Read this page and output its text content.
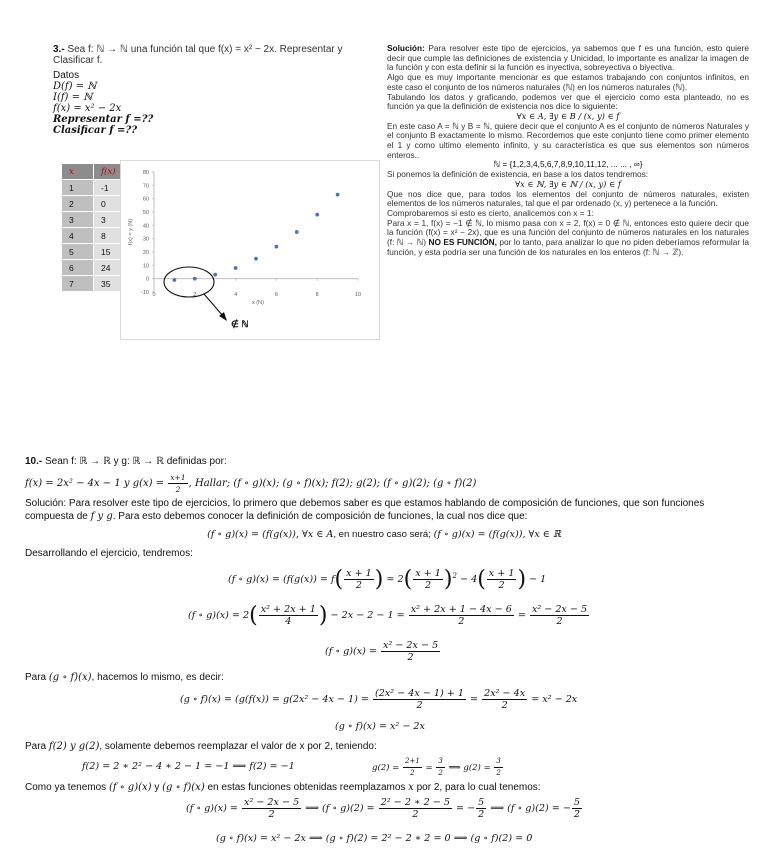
3.- Sea f: ℕ → ℕ una función tal que f(x) = x² − 2x. Representar y Clasificar f.
Datos
D(f) = ℕ
I(f) = ℕ
f(x) = x² − 2x
Representar f =??
Clasificar f =??
x	f(x)
1	-1
2	0
3	3
4	8
5	15
6	24
7	35
-10
0
10
20
30
40
50
60
70
80
0	2	4	6	8	10
f(x) = y (N)
x (N)
∉ ℕ
Solución: Para resolver este tipo de ejercicios, ya sabemos que f es una función, esto quiere decir que cumple las definiciones de existencia y Unicidad, lo importante es analizar la imagen de la función y con esta definir si la función es inyectiva, sobreyectiva o biyectiva.
Algo que es muy importante mencionar es que estamos trabajando con conjuntos infinitos, en este caso el conjunto de los números naturales (ℕ) en los números naturales (ℕ).
Tabulando los datos y graficando, podemos ver que el ejercicio como esta planteado, no es función ya que la definición de existencia nos dice lo siguiente:
∀x ∈ A, ∃y ∈ B / (x, y) ∈ f
En este caso A = ℕ y B = ℕ, quiere decir que el conjunto A es el conjunto de números Naturales y el conjunto B exactamente lo mismo. Recordemos que este conjunto tiene como primer elemento el 1 y como ultimo elemento infinito, y su característica es que sus elementos son números enteros..
ℕ = {1,2,3,4,5,6,7,8,9,10,11,12, ... ... , ∞}
Si ponemos la definición de existencia, en base a los datos tendremos:
∀x ∈ ℕ, ∃y ∈ ℕ / (x, y) ∈ f
Que nos dice que, para todos los elementos del conjunto de números naturales, existen elementos de los números naturales, tal que el par ordenado (x, y) pertenece a la función.
Comprobaremos si esto es cierto, analicemos con x = 1:
Para x = 1, f(x) = −1 ∉ ℕ, lo mismo pasa con x = 2, f(x) = 0 ∉ ℕ, entonces esto quiere decir que la función (f(x) = x² − 2x), que es una función del conjunto de números naturales en los naturales (f: ℕ → ℕ) NO ES FUNCIÓN, por lo tanto, para analizar lo que no piden deberíamos reformular la función, y esta podría ser una función de los naturales en los enteros (f: ℕ → ℤ).
10.- Sean f: ℝ → ℝ y g: ℝ → ℝ definidas por:
f(x) = 2x² − 4x − 1 y $g(x) = \frac{x+1}{2}$ , Hallar; (f ∘ g)(x); (g ∘ f)(x); f(2); g(2); (f ∘ g)(2); (g ∘ f)(2)
Solución: Para resolver este tipo de ejercicios, lo primero que debemos saber es que estamos hablando de composición de funciones, que son funciones compuesta de f y g. Para esto debemos conocer la definición de composición de funciones, la cual nos dice que:
(f ∘ g)(x) = (f(g(x)), ∀x ∈ A, en nuestro caso será; (f ∘ g)(x) = (f(g(x)), ∀x ∈ ℝ
Desarrollando el ejercicio, tendremos:
(f ∘ $g)(x) = (f(g(x)) = f( \frac{x + 1}{2}$ ) = $2( \frac{x + 1}{2} )^2 - 4( \frac{x + 1}{2}$ ) − 1
(f ∘ $g)(x) = 2( \frac{\text{x² + 2x + 1}}{4}$ ) − $2x - 2 - 1 = \frac{\text{x² + 2x + 1 − 4x − 6}}{2} = \frac{\text{x² − 2x − 5}}{2}$
(f ∘ $g)(x) = \frac{\text{x² − 2x − 5}}{2}$
Para (g ∘ f)(x), hacemos lo mismo, es decir:
(g ∘ $f)(x) = (g(f(x)) = g(2x^2 - 4x - 1) = \frac{\text{(2x² − 4x − 1) + 1}}{2} = \frac{\text{2x² − 4x}}{2} = x^2 - 2x$
(g ∘ f)(x) = x² − 2x
Para f(2) y g(2), solamente debemos reemplazar el valor de x por 2, teniendo:
f(2) = 2 ∗ 2² − 4 ∗ 2 − 1 = −1 ⟹ f(2) = −1	$g(2) = \frac{2+1}{2} = \frac{3}{2}$ ⟹ $g(2) = \frac{3}{2}$
Como ya tenemos (f ∘ g)(x) y (g ∘ f)(x) en estas funciones obtenidas reemplazamos x por 2, para lo cual tenemos:
(f ∘ $g)(x) = \frac{\text{x² − 2x − 5}}{2}$ ⟹ (f ∘ $g)(2) = \frac{\text{2² − 2 ∗ 2 − 5}}{2}$ = − $\frac{5}{2}$ ⟹ (f ∘ g)(2) = − $\frac{5}{2}$
(g ∘ f)(x) = x² − 2x ⟹ (g ∘ f)(2) = 2² − 2 ∗ 2 = 0 ⟹ (g ∘ f)(2) = 0
